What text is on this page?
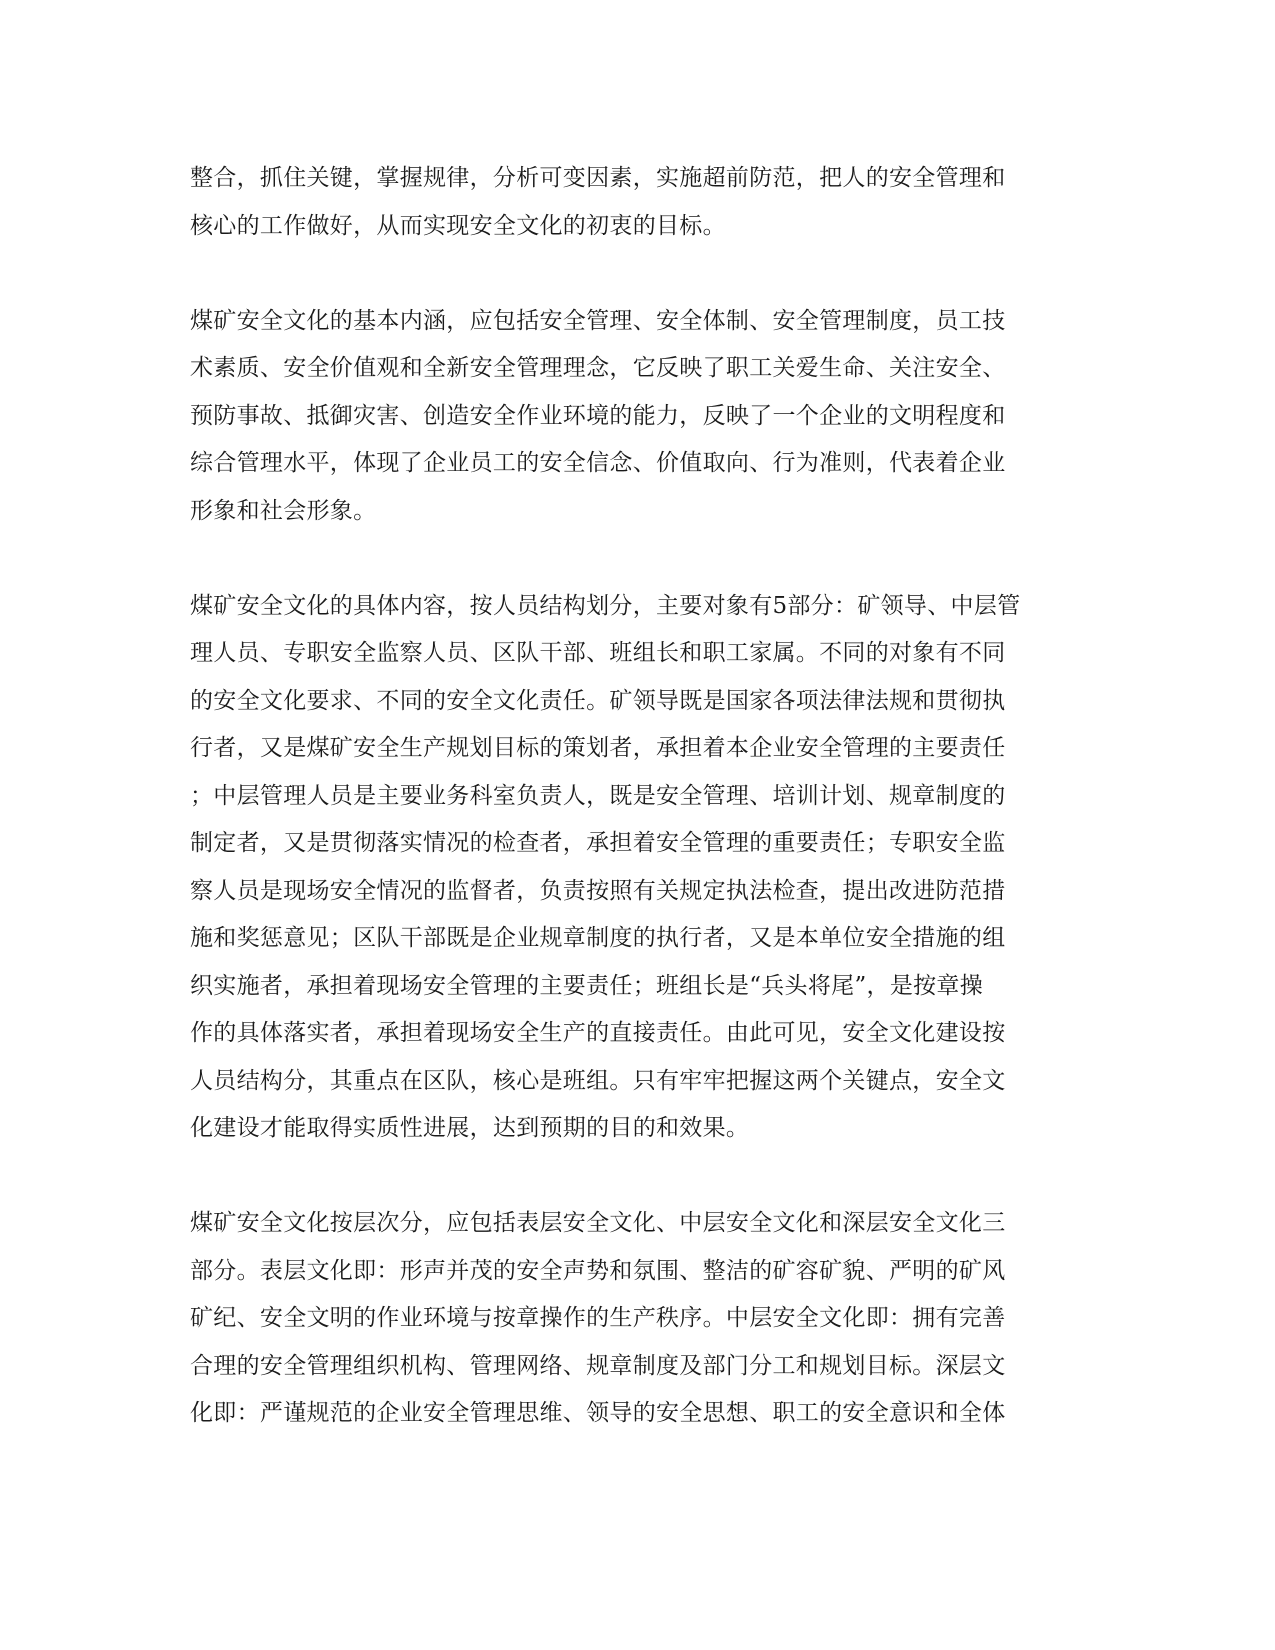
整合，抓住关键，掌握规律，分析可变因素，实施超前防范，把人的安全管理和
核心的工作做好，从而实现安全文化的初衷的目标。
煤矿安全文化的基本内涵，应包括安全管理、安全体制、安全管理制度，员工技
术素质、安全价值观和全新安全管理理念，它反映了职工关爱生命、关注安全、
预防事故、抵御灾害、创造安全作业环境的能力，反映了一个企业的文明程度和
综合管理水平，体现了企业员工的安全信念、价值取向、行为准则，代表着企业
形象和社会形象。
煤矿安全文化的具体内容，按人员结构划分，主要对象有5部分：矿领导、中层管
理人员、专职安全监察人员、区队干部、班组长和职工家属。不同的对象有不同
的安全文化要求、不同的安全文化责任。矿领导既是国家各项法律法规和贯彻执
行者，又是煤矿安全生产规划目标的策划者，承担着本企业安全管理的主要责任
；中层管理人员是主要业务科室负责人，既是安全管理、培训计划、规章制度的
制定者，又是贯彻落实情况的检查者，承担着安全管理的重要责任；专职安全监
察人员是现场安全情况的监督者，负责按照有关规定执法检查，提出改进防范措
施和奖惩意见；区队干部既是企业规章制度的执行者，又是本单位安全措施的组
织实施者，承担着现场安全管理的主要责任；班组长是“兵头将尾”，是按章操
作的具体落实者，承担着现场安全生产的直接责任。由此可见，安全文化建设按
人员结构分，其重点在区队，核心是班组。只有牢牢把握这两个关键点，安全文
化建设才能取得实质性进展，达到预期的目的和效果。
煤矿安全文化按层次分，应包括表层安全文化、中层安全文化和深层安全文化三
部分。表层文化即：形声并茂的安全声势和氛围、整洁的矿容矿貌、严明的矿风
矿纪、安全文明的作业环境与按章操作的生产秩序。中层安全文化即：拥有完善
合理的安全管理组织机构、管理网络、规章制度及部门分工和规划目标。深层文
化即：严谨规范的企业安全管理思维、领导的安全思想、职工的安全意识和全体
